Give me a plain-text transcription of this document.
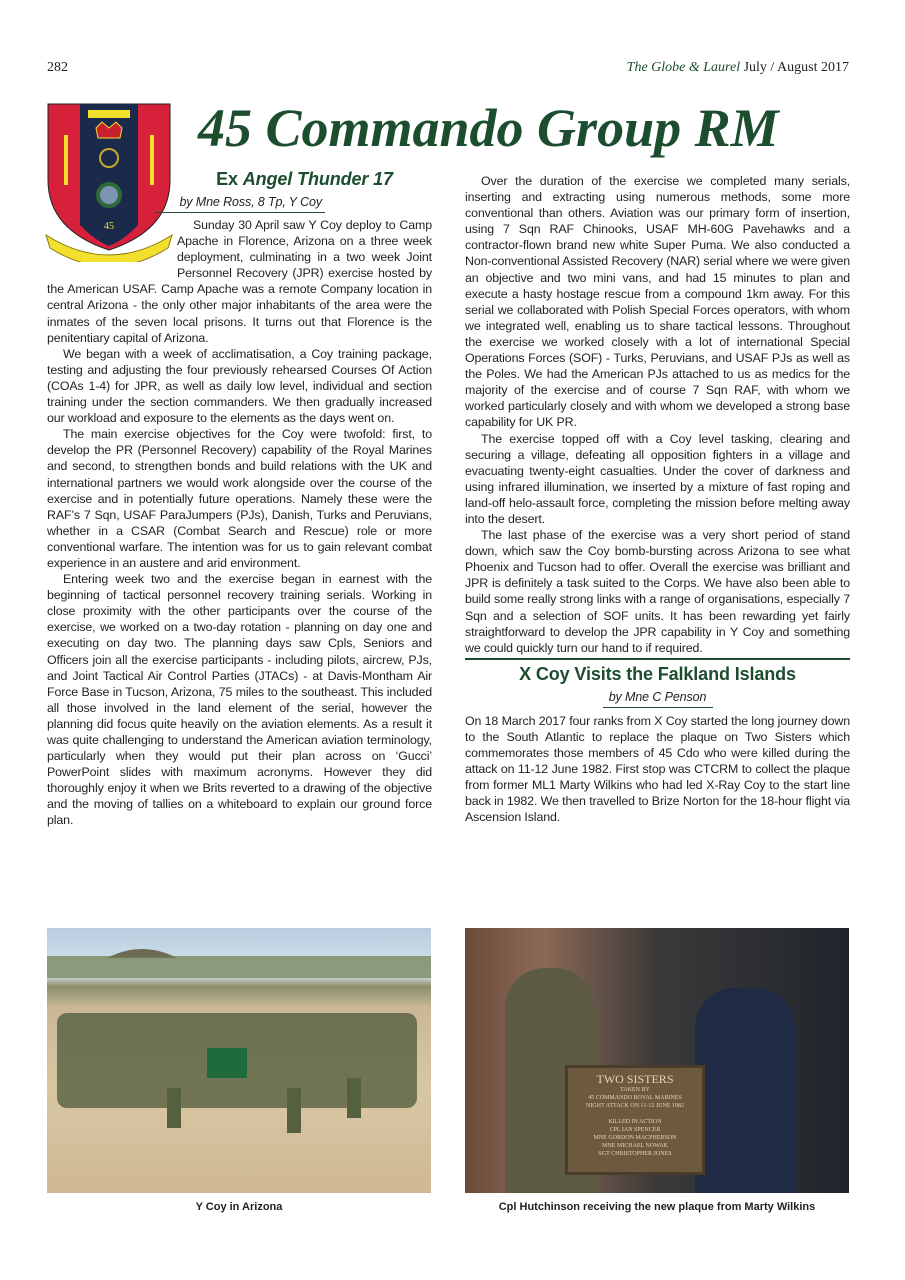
282	The Globe & Laurel July / August 2017
45
45 Commando Group RM
Ex Angel Thunder 17
by Mne Ross, 8 Tp, Y Coy

Sunday 30 April saw Y Coy deploy to Camp Apache in Florence, Arizona on a three week deployment, culminating in a two week Joint Personnel Recovery (JPR) exercise hosted by the American USAF. Camp Apache was a remote Company location in central Arizona - the only other major inhabitants of the area were the inmates of the seven local prisons. It turns out that Florence is the penitentiary capital of Arizona.

We began with a week of acclimatisation, a Coy training package, testing and adjusting the four previously rehearsed Courses Of Action (COAs 1-4) for JPR, as well as daily low level, individual and section training under the section commanders. We then gradually increased our workload and exposure to the elements as the days went on.

The main exercise objectives for the Coy were twofold: first, to develop the PR (Personnel Recovery) capability of the Royal Marines and second, to strengthen bonds and build relations with the UK and international partners we would work alongside over the course of the exercise and in potentially future operations. Namely these were the RAF’s 7 Sqn, USAF ParaJumpers (PJs), Danish, Turks and Peruvians, whether in a CSAR (Combat Search and Rescue) role or more conventional warfare. The intention was for us to gain relevant combat experience in an austere and arid environment.

Entering week two and the exercise began in earnest with the beginning of tactical personnel recovery training serials. Working in close proximity with the other participants over the course of the exercise, we worked on a two-day rotation - planning on day one and executing on day two. The planning days saw Cpls, Seniors and Officers join all the exercise participants - including pilots, aircrew, PJs, and Joint Tactical Air Control Parties (JTACs) - at Davis-Montham Air Force Base in Tucson, Arizona, 75 miles to the southeast. This included all those involved in the land element of the serial, however the planning did focus quite heavily on the aviation elements. As a result it was quite challenging to understand the American aviation terminology, particularly when they would put their plan across on ‘Gucci’ PowerPoint slides with maximum acronyms. However they did thoroughly enjoy it when we Brits reverted to a drawing of the objective and the moving of tallies on a whiteboard to explain our ground force plan.

Over the duration of the exercise we completed many serials, inserting and extracting using numerous methods, some more conventional than others. Aviation was our primary form of insertion, using 7 Sqn RAF Chinooks, USAF MH-60G Pavehawks and a contractor-flown brand new white Super Puma. We also conducted a Non-conventional Assisted Recovery (NAR) serial where we were given an objective and two mini vans, and had 15 minutes to plan and execute a hasty hostage rescue from a compound 1km away. For this serial we collaborated with Polish Special Forces operators, with whom we integrated well, enabling us to share tactical lessons. Throughout the exercise we worked closely with a lot of international Special Operations Forces (SOF) - Turks, Peruvians, and USAF PJs as well as the Poles. We had the American PJs attached to us as medics for the majority of the exercise and of course 7 Sqn RAF, with whom we worked particularly closely and with whom we developed a strong base capability for UK PR.

The exercise topped off with a Coy level tasking, clearing and securing a village, defeating all opposition fighters in a village and evacuating twenty-eight casualties. Under the cover of darkness and using infrared illumination, we inserted by a mixture of fast roping and land-off helo-assault force, completing the mission before melting away into the desert.

The last phase of the exercise was a very short period of stand down, which saw the Coy bomb-bursting across Arizona to see what Phoenix and Tucson had to offer. Overall the exercise was brilliant and JPR is definitely a task suited to the Corps. We have also been able to build some really strong links with a range of organisations, especially 7 Sqn and a selection of SOF units. It has been rewarding yet fairly straightforward to develop the JPR capability in Y Coy and something we could quickly turn our hand to if required.

X Coy Visits the Falkland Islands
by Mne C Penson

On 18 March 2017 four ranks from X Coy started the long journey down to the South Atlantic to replace the plaque on Two Sisters which commemorates those members of 45 Cdo who were killed during the attack on 11-12 June 1982. First stop was CTCRM to collect the plaque from former ML1 Marty Wilkins who had led X-Ray Coy to the start line back in 1982. We then travelled to Brize Norton for the 18-hour flight via Ascension Island.

Y Coy in Arizona
TWO SISTERS
TAKEN BY
45 COMMANDO ROYAL MARINES
NIGHT ATTACK ON 11-12 JUNE 1982
KILLED IN ACTION
CPL IAN SPENCER
MNE GORDON MACPHERSON
MNE MICHAEL NOWAK
SGT CHRISTOPHER JONES
Cpl Hutchinson receiving the new plaque from Marty Wilkins
